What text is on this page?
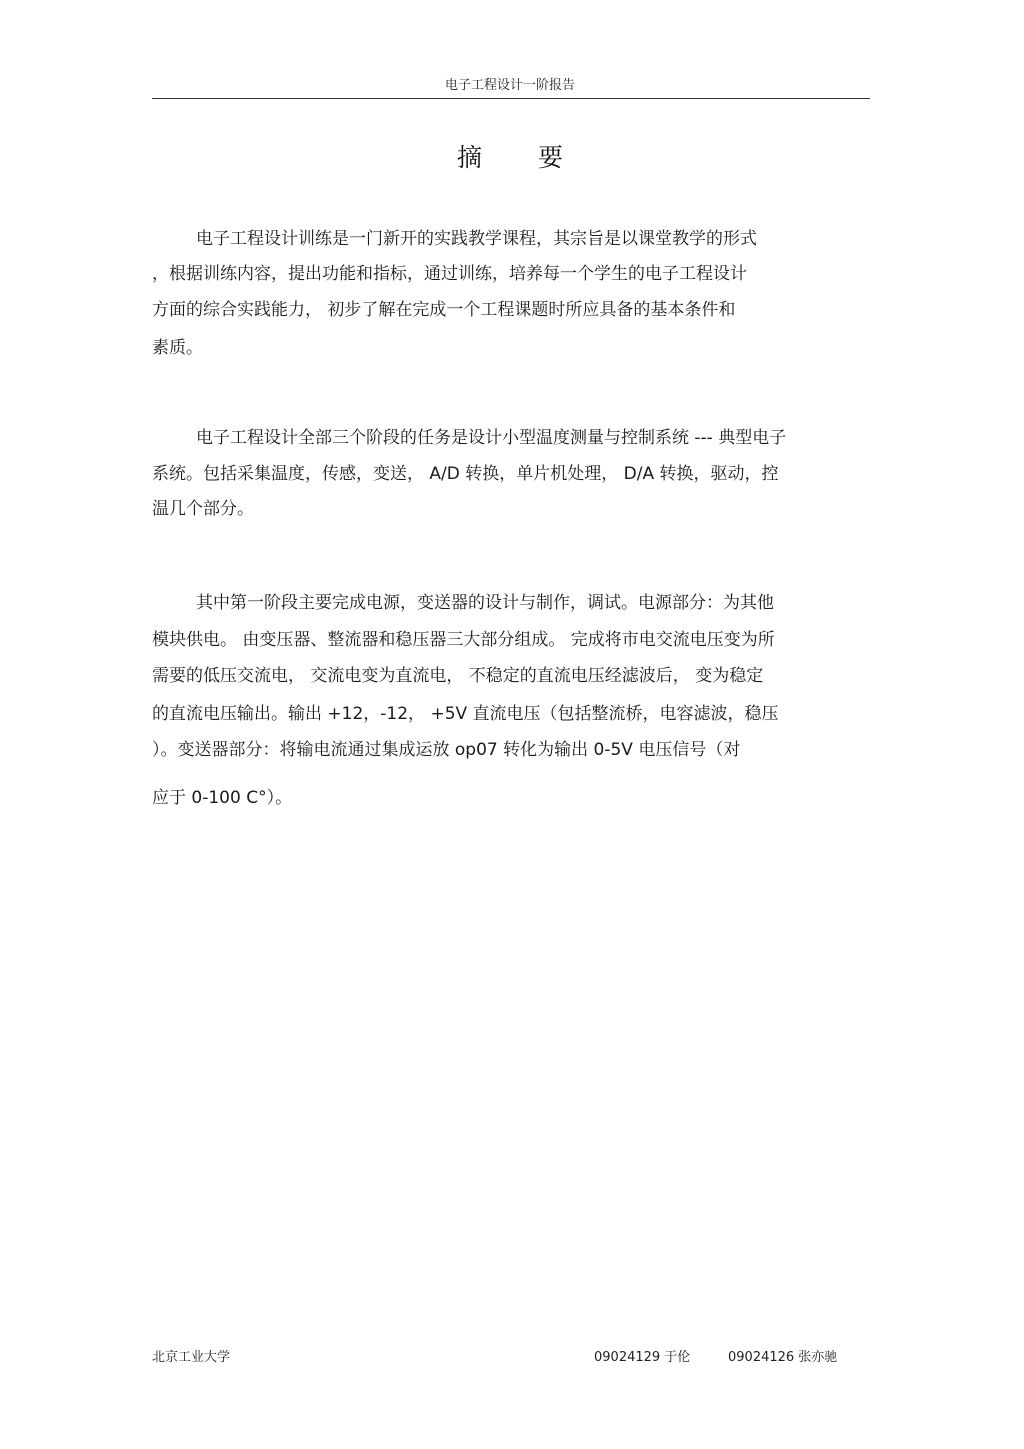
电子工程设计一阶报告
摘要
电子工程设计训练是一门新开的实践教学课程，其宗旨是以课堂教学的形式
，根据训练内容，提出功能和指标，通过训练，培养每一个学生的电子工程设计
方面的综合实践能力， 初步了解在完成一个工程课题时所应具备的基本条件和
素质。
电子工程设计全部三个阶段的任务是设计小型温度测量与控制系统 --- 典型电子
系统。包括采集温度，传感，变送， A/D 转换，单片机处理， D/A 转换，驱动，控
温几个部分。
其中第一阶段主要完成电源，变送器的设计与制作，调试。电源部分：为其他
模块供电。 由变压器、整流器和稳压器三大部分组成。 完成将市电交流电压变为所
需要的低压交流电， 交流电变为直流电， 不稳定的直流电压经滤波后， 变为稳定
的直流电压输出。输出 +12，-12， +5V 直流电压（包括整流桥，电容滤波，稳压
）。变送器部分：将输电流通过集成运放 op07 转化为输出 0-5V 电压信号（对
应于 0-100 C°）。
北京工业大学	09024129 于伦	09024126 张亦驰
